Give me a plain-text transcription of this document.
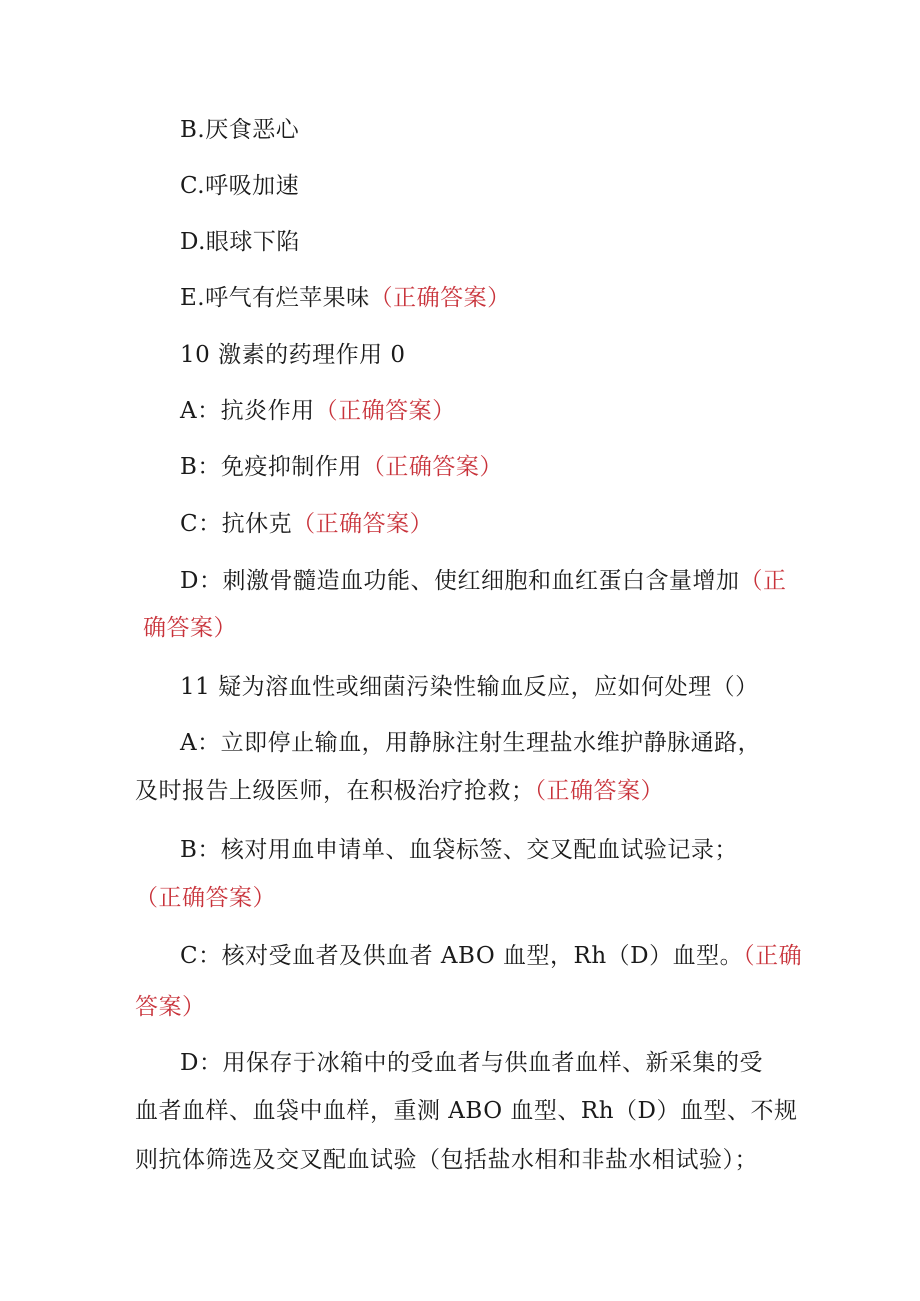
B.厌食恶心
C.呼吸加速
D.眼球下陷
E.呼气有烂苹果味（正确答案）
10 激素的药理作用 0
A：抗炎作用（正确答案）
B：免疫抑制作用（正确答案）
C：抗休克（正确答案）
D：刺激骨髓造血功能、使红细胞和血红蛋白含量增加（正
确答案）
11 疑为溶血性或细菌污染性输血反应，应如何处理（）
A：立即停止输血，用静脉注射生理盐水维护静脉通路，
及时报告上级医师，在积极治疗抢救；（正确答案）
B：核对用血申请单、血袋标签、交叉配血试验记录；
（正确答案）
C：核对受血者及供血者 ABO 血型，Rh（D）血型。（正确
答案）
D：用保存于冰箱中的受血者与供血者血样、新采集的受
血者血样、血袋中血样，重测 ABO 血型、Rh（D）血型、不规
则抗体筛选及交叉配血试验（包括盐水相和非盐水相试验）；
